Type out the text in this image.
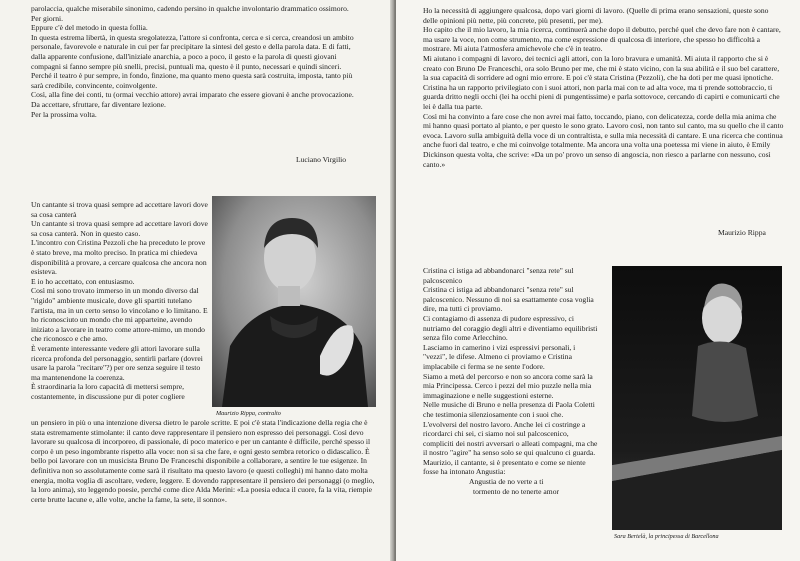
parolaccia, qualche miserabile sinonimo, cadendo persino in qualche involontario drammatico ossimoro.

Per giorni.

Eppure c'è del metodo in questa follia.

In questa estrema libertà, in questa sregolatezza, l'attore si confronta, cerca e si cerca, creandosi un ambito personale, favorevole e naturale in cui per far precipitare la sintesi del gesto e della parola data. E di fatti, dalla apparente confusione, dall'iniziale anarchia, a poco a poco, il gesto e la parola di questi giovani compagni si fanno sempre più snelli, precisi, puntuali ma, questo è il punto, necessari e quindi sinceri.

Perché il teatro è pur sempre, in fondo, finzione, ma quanto meno questa sarà costruita, imposta, tanto più sarà credibile, convincente, coinvolgente.

Così, alla fine dei conti, tu (ormai vecchio attore) avrai imparato che essere giovani è anche provocazione.

Da accettare, sfruttare, far diventare lezione.

Per la prossima volta.

Luciano Virgilio

Un cantante si trova quasi sempre ad accettare lavori dove sa cosa canterà

Un cantante si trova quasi sempre ad accettare lavori dove sa cosa canterà. Non in questo caso.

L'incontro con Cristina Pezzoli che ha preceduto le prove è stato breve, ma molto preciso. In pratica mi chiedeva disponibilità a provare, a cercare qualcosa che ancora non esisteva.

E io ho accettato, con entusiasmo.

Così mi sono trovato immerso in un mondo diverso dal "rigido" ambiente musicale, dove gli spartiti tutelano l'artista, ma in un certo senso lo vincolano e lo limitano. E ho riconosciuto un mondo che mi apparteine, avendo iniziato a lavorare in teatro come attore-mimo, un mondo che riconosco e che amo.

È veramente interessante vedere gli attori lavorare sulla ricerca profonda del personaggio, sentirli parlare (dovrei usare la parola "recitare"?) per ore senza seguire il testo ma mantenendone la coerenza.

È straordinaria la loro capacità di mettersi sempre, costantemente, in discussione pur di poter cogliere

Maurizio Rippa, contralto

un pensiero in più o una intenzione diversa dietro le parole scritte. E poi c'è stata l'indicazione della regia che è stata estremamente stimolante: il canto deve rappresentare il pensiero non espresso dei personaggi. Così devo lavorare su qualcosa di incorporeo, di passionale, di poco materico e per un cantante è difficile, perché spesso il corpo è un peso ingombrante rispetto alla voce: non si sa che fare, e ogni gesto sembra retorico o didascalico. È bello poi lavorare con un musicista Bruno De Franceschi disponibile a collaborare, a sentire le tue esigenze. In definitiva non so assolutamente come sarà il risultato ma questo lavoro (e questi colleghi) mi hanno dato molta energia, molta voglia di ascoltare, vedere, leggere. E dovendo rappresentare il pensiero dei personaggi (o meglio, la loro anima), sto leggendo poesie, perché come dice Alda Merini: «La poesia educa il cuore, fa la vita, riempie certe brutte lacune e, alle volte, anche la fame, la sete, il sonno».

Ho la necessità di aggiungere qualcosa, dopo vari giorni di lavoro. (Quelle di prima erano sensazioni, queste sono delle opinioni più nette, più concrete, più presenti, per me).

Ho capito che il mio lavoro, la mia ricerca, continuerà anche dopo il debutto, perché quel che devo fare non è cantare, ma usare la voce, non come strumento, ma come espressione di qualcosa di interiore, che spesso ho difficoltà a mostrare. Mi aiuta l'atmosfera amichevole che c'è in teatro.

Mi aiutano i compagni di lavoro, dei tecnici agli attori, con la loro bravura e umanità. Mi aiuta il rapporto che si è creato con Bruno De Franceschi, ora solo Bruno per me, che mi è stato vicino, con la sua abilità e il suo bel carattere, la sua capacità di sorridere ad ogni mio errore. E poi c'è stata Cristina (Pezzoli), che ha doti per me quasi ipnotiche.

Cristina ha un rapporto privilegiato con i suoi attori, non parla mai con te ad alta voce, ma ti prende sottobraccio, ti guarda dritto negli occhi (lei ha occhi pieni di pungentissime) e parla sottovoce, cercando di capirti e comunicarti che lei è dalla tua parte.

Così mi ha convinto a fare cose che non avrei mai fatto, toccando, piano, con delicatezza, corde della mia anima che mi hanno quasi portato al pianto, e per questo le sono grato. Lavoro così, non tanto sul canto, ma su quello che il canto evoca. Lavoro sulla ambiguità della voce di un contraltista, e sulla mia necessità di cantare. E una ricerca che continua anche fuori dal teatro, e che mi coinvolge totalmente. Ma ancora una volta una poetessa mi viene in aiuto, è Emily Dickinson questa volta, che scrive: «Da un po' provo un senso di angoscia, non riesco a parlarne con nessuno, così canto.»

Maurizio Rippa

Cristina ci istiga ad abbandonarci "senza rete" sul palcoscenico

Cristina ci istiga ad abbandonarci "senza rete" sul palcoscenico. Nessuno di noi sa esattamente cosa voglia dire, ma tutti ci proviamo.

Ci contagiamo di assenza di pudore espressivo, ci nutriamo del coraggio degli altri e diventiamo equilibristi senza filo come Arlecchino.

Lasciamo in camerino i vizi espressivi personali, i "vezzi", le difese. Almeno ci proviamo e Cristina implacabile ci ferma se ne sente l'odore.

Siamo a metà del percorso e non so ancora come sarà la mia Principessa. Cerco i pezzi del mio puzzle nella mia immaginazione e nelle suggestioni esterne.

Nelle musiche di Bruno e nella presenza di Paola Coletti che testimonia silenziosamente con i suoi che.

L'evolversi del nostro lavoro. Anche lei ci costringe a ricordarci chi sei, ci siamo noi sul palcoscenico, compliciti dei nostri avversari o alleati compagni, ma che il nostro "agire" ha senso solo se qui qualcuno ci guarda.

Maurizio, il cantante, si è presentato e come se niente fosse ha intonato Angustia:

Angustia de no verte a ti

tormento de no tenerte amor

Sara Bertelà, la principessa di Barcellona
